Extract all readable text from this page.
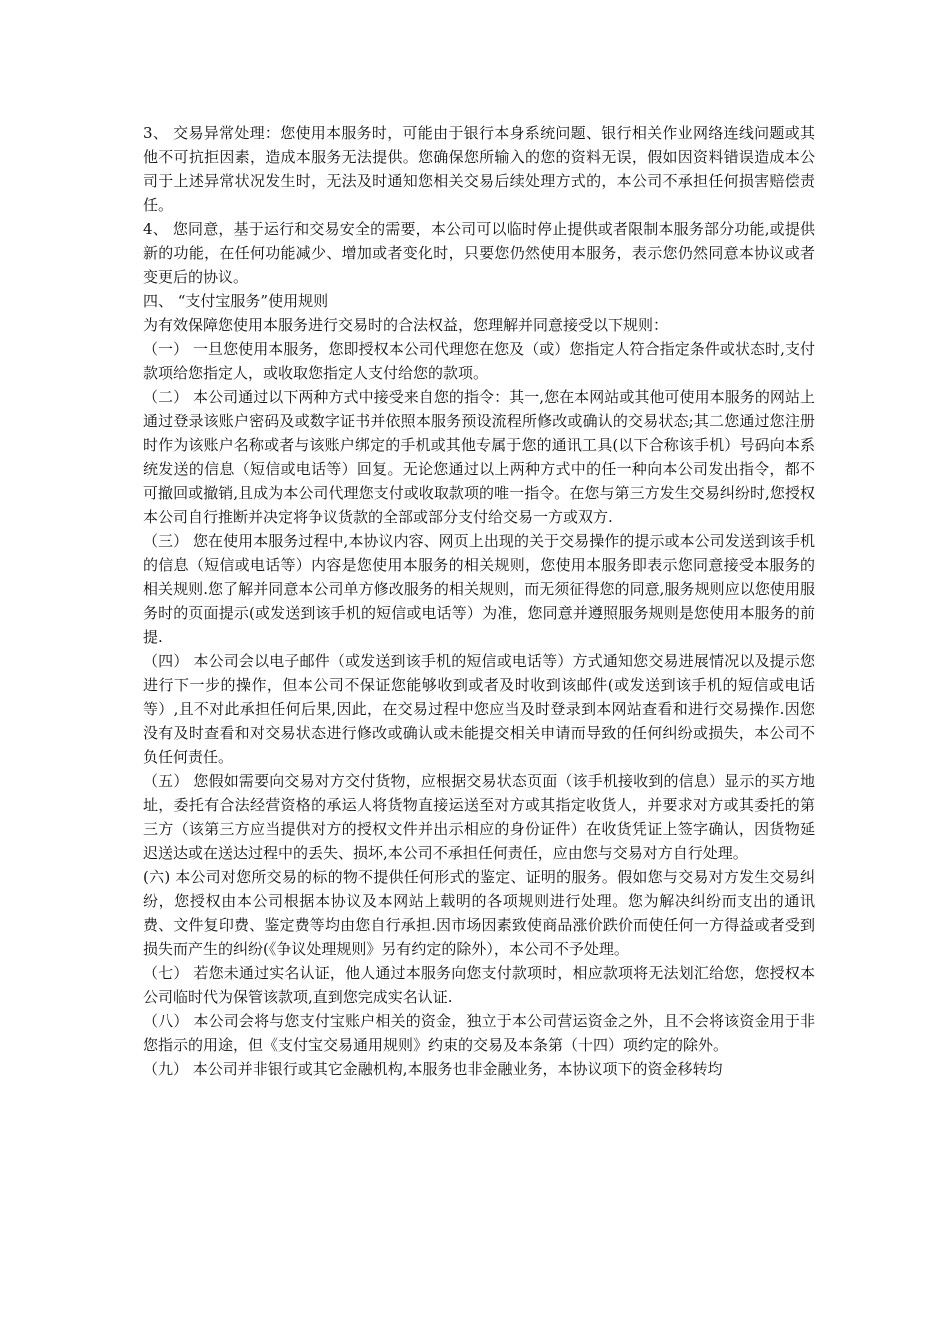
3、 交易异常处理：您使用本服务时，可能由于银行本身系统问题、银行相关作业网络连线问题或其他不可抗拒因素，造成本服务无法提供。您确保您所输入的您的资料无误，假如因资料错误造成本公司于上述异常状况发生时，无法及时通知您相关交易后续处理方式的，本公司不承担任何损害赔偿责任。

4、 您同意，基于运行和交易安全的需要，本公司可以临时停止提供或者限制本服务部分功能,或提供新的功能，在任何功能减少、增加或者变化时，只要您仍然使用本服务，表示您仍然同意本协议或者变更后的协议。

四、 “支付宝服务”使用规则

为有效保障您使用本服务进行交易时的合法权益，您理解并同意接受以下规则：

（一） 一旦您使用本服务，您即授权本公司代理您在您及（或）您指定人符合指定条件或状态时,支付款项给您指定人，或收取您指定人支付给您的款项。

（二） 本公司通过以下两种方式中接受来自您的指令：其一,您在本网站或其他可使用本服务的网站上通过登录该账户密码及或数字证书并依照本服务预设流程所修改或确认的交易状态;其二您通过您注册时作为该账户名称或者与该账户绑定的手机或其他专属于您的通讯工具(以下合称该手机）号码向本系统发送的信息（短信或电话等）回复。无论您通过以上两种方式中的任一种向本公司发出指令，都不可撤回或撤销,且成为本公司代理您支付或收取款项的唯一指令。在您与第三方发生交易纠纷时,您授权本公司自行推断并决定将争议货款的全部或部分支付给交易一方或双方.

（三） 您在使用本服务过程中,本协议内容、网页上出现的关于交易操作的提示或本公司发送到该手机的信息（短信或电话等）内容是您使用本服务的相关规则，您使用本服务即表示您同意接受本服务的相关规则.您了解并同意本公司单方修改服务的相关规则，而无须征得您的同意,服务规则应以您使用服务时的页面提示(或发送到该手机的短信或电话等）为准，您同意并遵照服务规则是您使用本服务的前提.

（四） 本公司会以电子邮件（或发送到该手机的短信或电话等）方式通知您交易进展情况以及提示您进行下一步的操作，但本公司不保证您能够收到或者及时收到该邮件(或发送到该手机的短信或电话等）,且不对此承担任何后果,因此，在交易过程中您应当及时登录到本网站查看和进行交易操作.因您没有及时查看和对交易状态进行修改或确认或未能提交相关申请而导致的任何纠纷或损失，本公司不负任何责任。

（五） 您假如需要向交易对方交付货物，应根据交易状态页面（该手机接收到的信息）显示的买方地址，委托有合法经营资格的承运人将货物直接运送至对方或其指定收货人，并要求对方或其委托的第三方（该第三方应当提供对方的授权文件并出示相应的身份证件）在收货凭证上签字确认，因货物延迟送达或在送达过程中的丢失、损坏,本公司不承担任何责任，应由您与交易对方自行处理。

(六) 本公司对您所交易的标的物不提供任何形式的鉴定、证明的服务。假如您与交易对方发生交易纠纷，您授权由本公司根据本协议及本网站上载明的各项规则进行处理。您为解决纠纷而支出的通讯费、文件复印费、鉴定费等均由您自行承担.因市场因素致使商品涨价跌价而使任何一方得益或者受到损失而产生的纠纷(《争议处理规则》另有约定的除外），本公司不予处理。

（七） 若您未通过实名认证，他人通过本服务向您支付款项时，相应款项将无法划汇给您，您授权本公司临时代为保管该款项,直到您完成实名认证.

（八） 本公司会将与您支付宝账户相关的资金，独立于本公司营运资金之外，且不会将该资金用于非您指示的用途，但《支付宝交易通用规则》约束的交易及本条第（十四）项约定的除外。

（九） 本公司并非银行或其它金融机构,本服务也非金融业务，本协议项下的资金移转均
